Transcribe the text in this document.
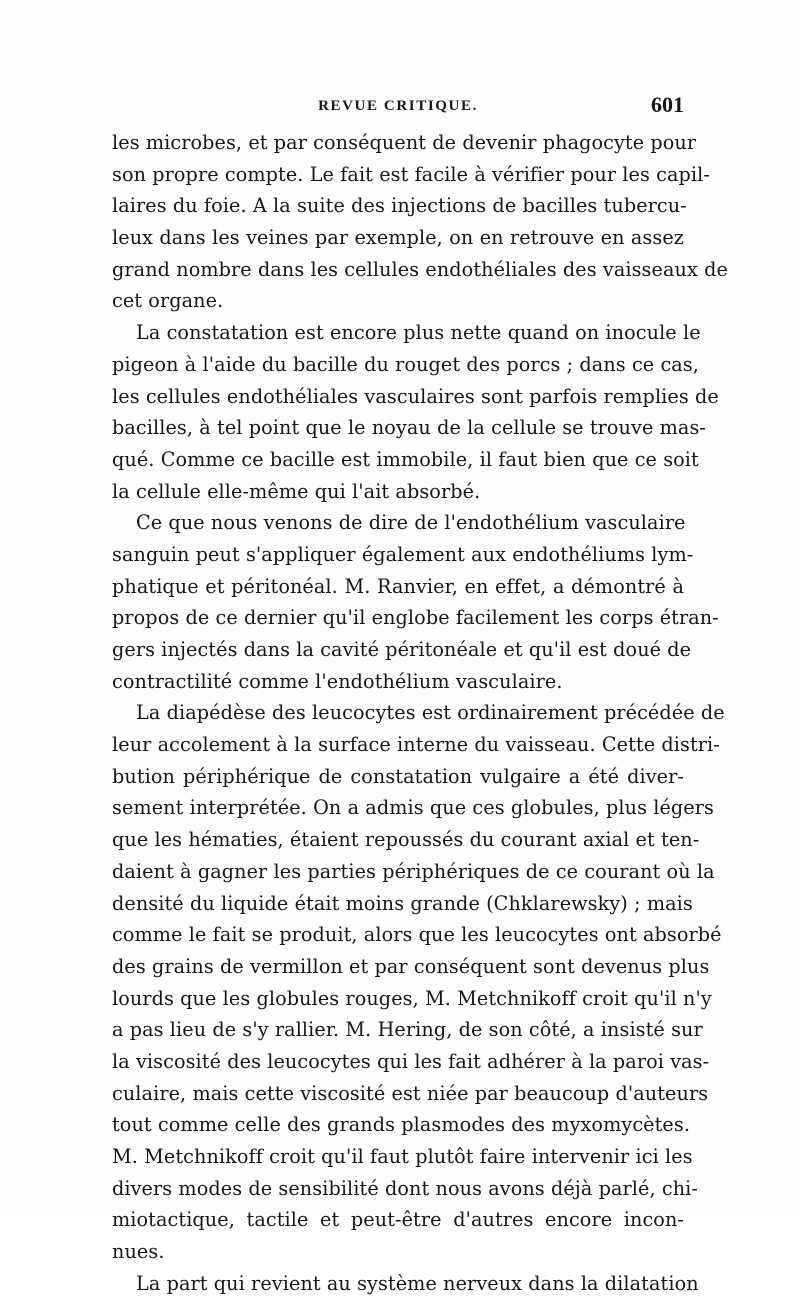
REVUE CRITIQUE.	601
les microbes, et par conséquent de devenir phagocyte pour
son propre compte. Le fait est facile à vérifier pour les capil-
laires du foie. A la suite des injections de bacilles tubercu-
leux dans les veines par exemple, on en retrouve en assez
grand nombre dans les cellules endothéliales des vaisseaux de
cet organe.
La constatation est encore plus nette quand on inocule le
pigeon à l'aide du bacille du rouget des porcs ; dans ce cas,
les cellules endothéliales vasculaires sont parfois remplies de
bacilles, à tel point que le noyau de la cellule se trouve mas-
qué. Comme ce bacille est immobile, il faut bien que ce soit
la cellule elle-même qui l'ait absorbé.
Ce que nous venons de dire de l'endothélium vasculaire
sanguin peut s'appliquer également aux endothéliums lym-
phatique et péritonéal. M. Ranvier, en effet, a démontré à
propos de ce dernier qu'il englobe facilement les corps étran-
gers injectés dans la cavité péritonéale et qu'il est doué de
contractilité comme l'endothélium vasculaire.
La diapédèse des leucocytes est ordinairement précédée de
leur accolement à la surface interne du vaisseau. Cette distri-
bution périphérique de constatation vulgaire a été diver-
sement interprétée. On a admis que ces globules, plus légers
que les hématies, étaient repoussés du courant axial et ten-
daient à gagner les parties périphériques de ce courant où la
densité du liquide était moins grande (Chklarewsky) ; mais
comme le fait se produit, alors que les leucocytes ont absorbé
des grains de vermillon et par conséquent sont devenus plus
lourds que les globules rouges, M. Metchnikoff croit qu'il n'y
a pas lieu de s'y rallier. M. Hering, de son côté, a insisté sur
la viscosité des leucocytes qui les fait adhérer à la paroi vas-
culaire, mais cette viscosité est niée par beaucoup d'auteurs
tout comme celle des grands plasmodes des myxomycètes.
M. Metchnikoff croit qu'il faut plutôt faire intervenir ici les
divers modes de sensibilité dont nous avons déjà parlé, chi-
miotactique, tactile et peut-être d'autres encore incon-
nues.
La part qui revient au système nerveux dans la dilatation
